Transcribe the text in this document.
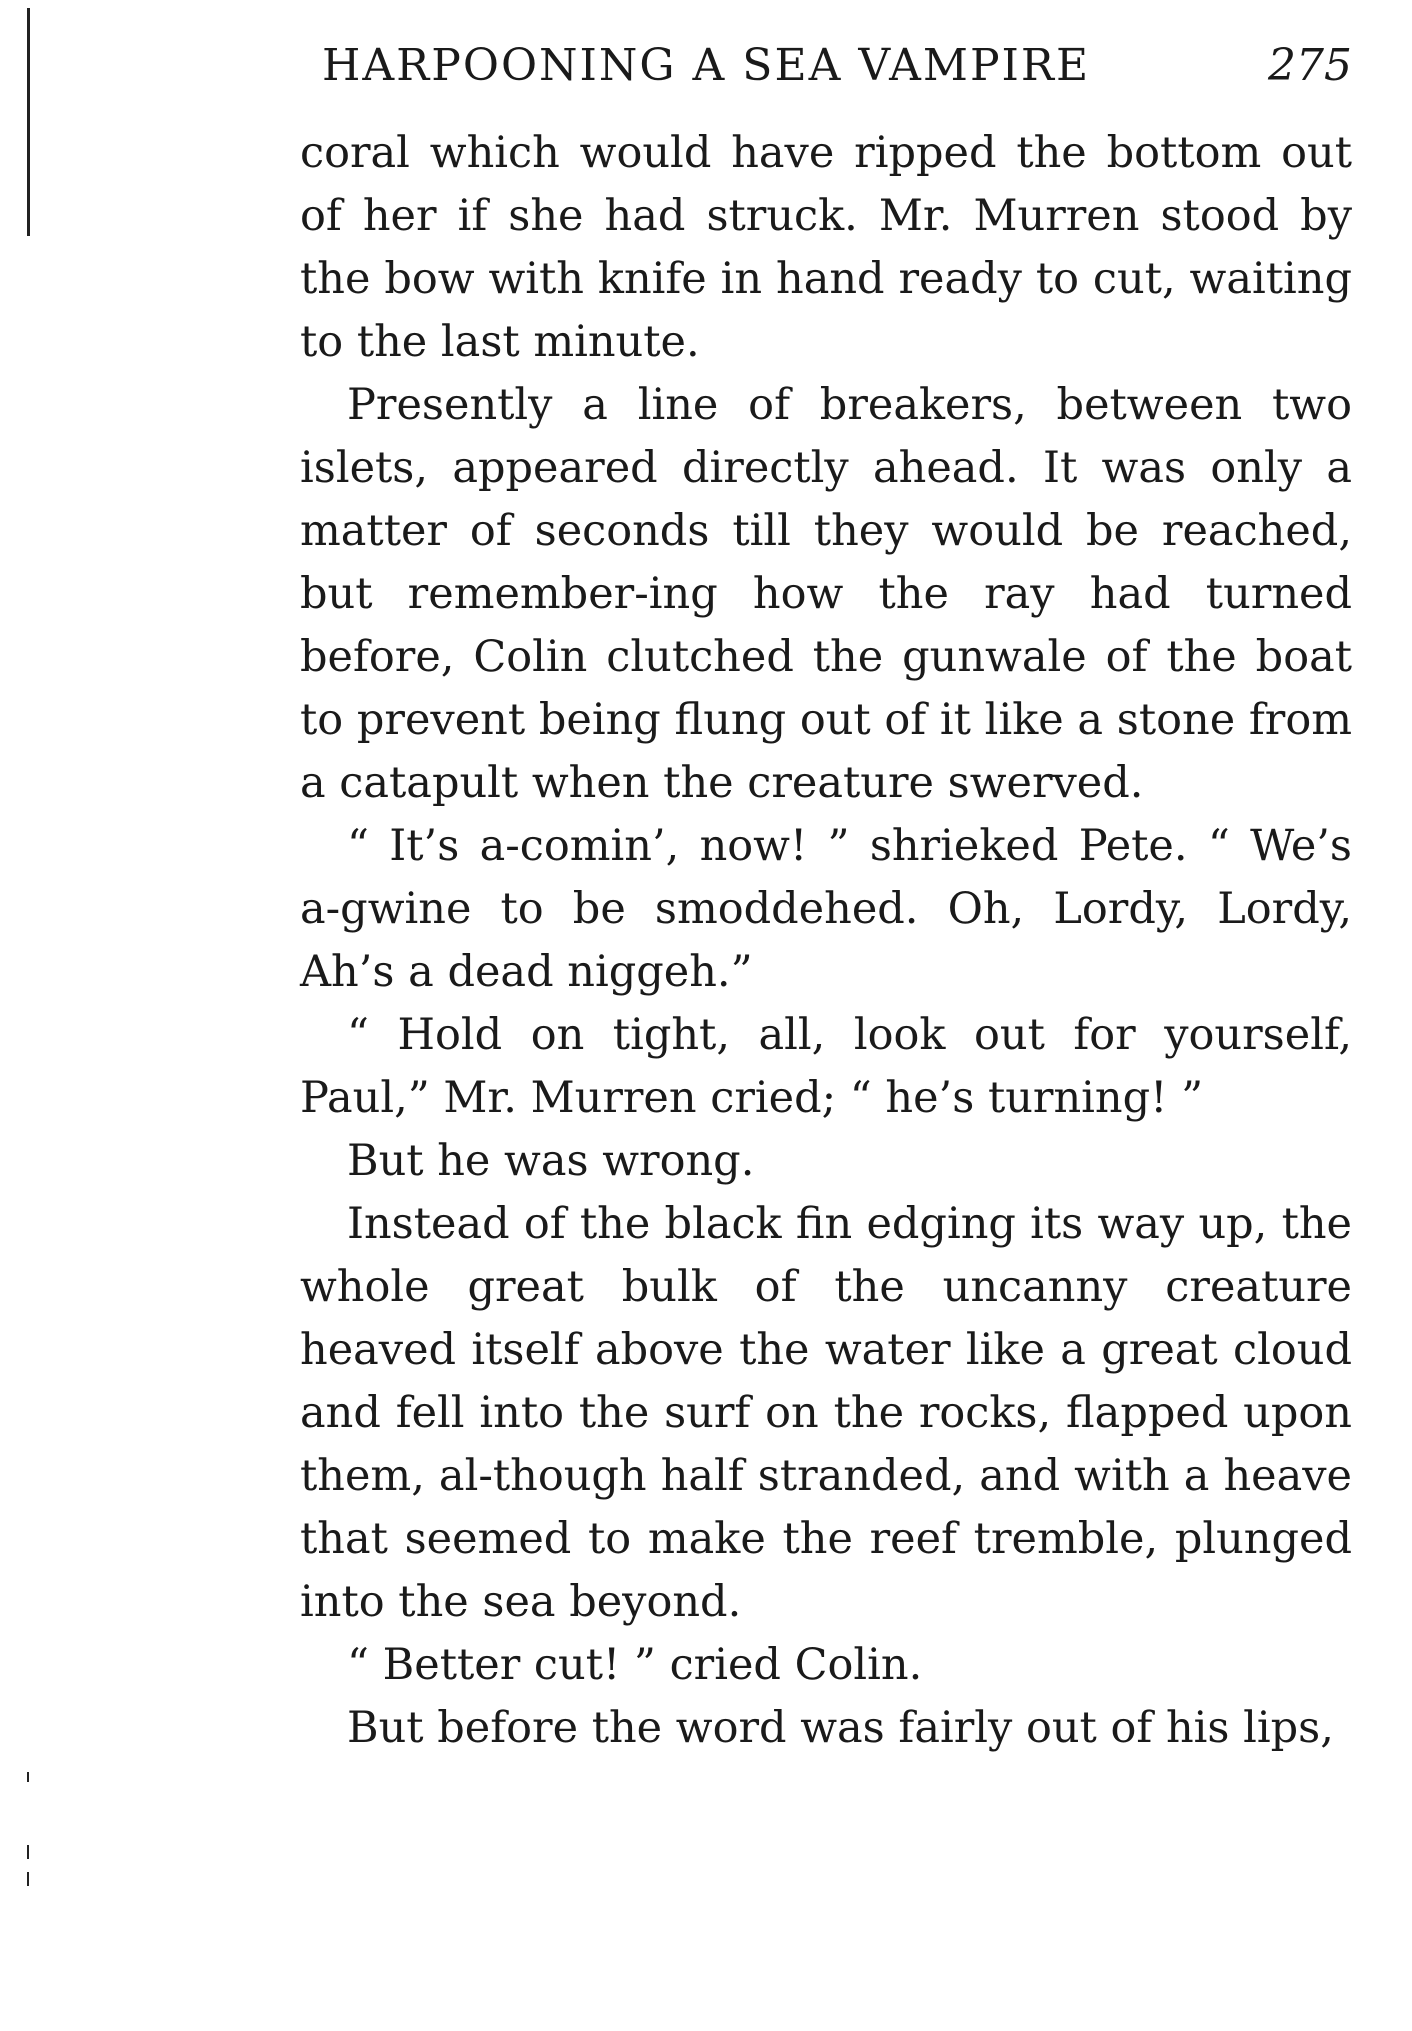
HARPOONING A SEA VAMPIRE	275

coral which would have ripped the bottom out of her if she had struck. Mr. Murren stood by the bow with knife in hand ready to cut, waiting to the last minute.

Presently a line of breakers, between two islets, appeared directly ahead. It was only a matter of seconds till they would be reached, but remember-ing how the ray had turned before, Colin clutched the gunwale of the boat to prevent being flung out of it like a stone from a catapult when the creature swerved.

“ It’s a-comin’, now! ” shrieked Pete. “ We’s a-gwine to be smoddehed. Oh, Lordy, Lordy, Ah’s a dead niggeh.”

“ Hold on tight, all, look out for yourself, Paul,” Mr. Murren cried; “ he’s turning! ”

But he was wrong.

Instead of the black fin edging its way up, the whole great bulk of the uncanny creature heaved itself above the water like a great cloud and fell into the surf on the rocks, flapped upon them, al-though half stranded, and with a heave that seemed to make the reef tremble, plunged into the sea beyond.

“ Better cut! ” cried Colin.

But before the word was fairly out of his lips,
